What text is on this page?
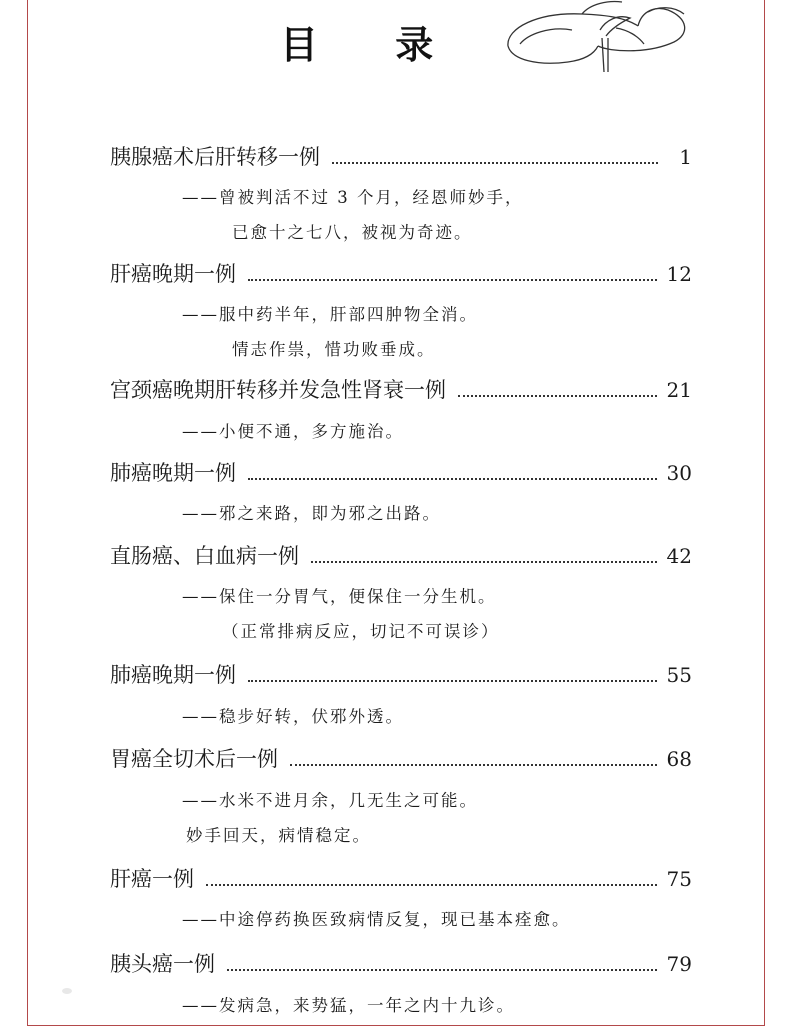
目 录
胰腺癌术后肝转移一例	1
——曾被判活不过 3 个月，经恩师妙手，
已愈十之七八，被视为奇迹。
肝癌晚期一例	12
——服中药半年，肝部四肿物全消。
情志作祟，惜功败垂成。
宫颈癌晚期肝转移并发急性肾衰一例	21
——小便不通，多方施治。
肺癌晚期一例	30
——邪之来路，即为邪之出路。
直肠癌、白血病一例	42
——保住一分胃气，便保住一分生机。
（正常排病反应，切记不可误诊）
肺癌晚期一例	55
——稳步好转，伏邪外透。
胃癌全切术后一例	68
——水米不进月余，几无生之可能。
妙手回天，病情稳定。
肝癌一例	75
——中途停药换医致病情反复，现已基本痊愈。
胰头癌一例	79
——发病急，来势猛，一年之内十九诊。
